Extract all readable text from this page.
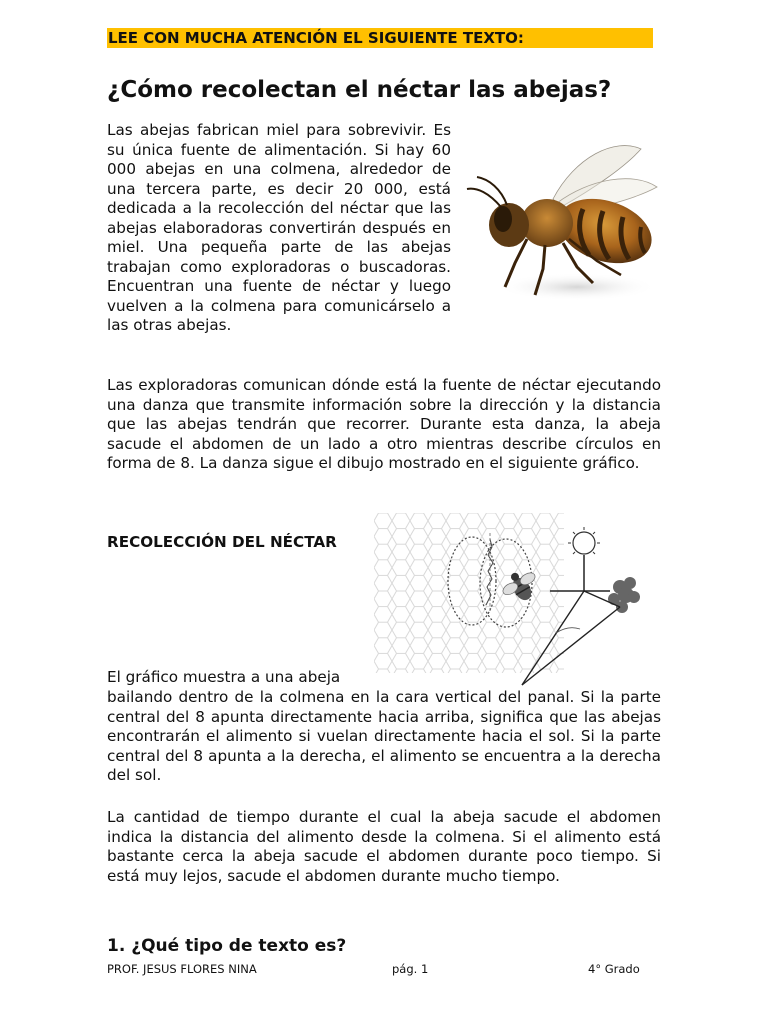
LEE CON MUCHA ATENCIÓN EL SIGUIENTE TEXTO:
¿Cómo recolectan el néctar las abejas?

Las abejas fabrican miel para sobrevivir. Es su única fuente de alimentación. Si hay 60 000 abejas en una colmena, alrededor de una tercera parte, es decir 20 000, está dedicada a la recolección del néctar que las abejas elaboradoras convertirán después en miel. Una pequeña parte de las abejas trabajan como exploradoras o buscadoras. Encuentran una fuente de néctar y luego vuelven a la colmena para comunicárselo a las otras abejas.

Las exploradoras comunican dónde está la fuente de néctar ejecutando una danza que transmite información sobre la dirección y la distancia que las abejas tendrán que recorrer. Durante esta danza, la abeja sacude el abdomen de un lado a otro mientras describe círculos en forma de 8. La danza sigue el dibujo mostrado en el siguiente gráfico.

RECOLECCIÓN DEL NÉCTAR

El gráfico muestra a una abeja

bailando dentro de la colmena en la cara vertical del panal. Si la parte central del 8 apunta directamente hacia arriba, significa que las abejas encontrarán el alimento si vuelan directamente hacia el sol. Si la parte central del 8 apunta a la derecha, el alimento se encuentra a la derecha del sol.

La cantidad de tiempo durante el cual la abeja sacude el abdomen indica la distancia del alimento desde la colmena. Si el alimento está bastante cerca la abeja sacude el abdomen durante poco tiempo. Si está muy lejos, sacude el abdomen durante mucho tiempo.

1. ¿Qué tipo de texto es?

PROF. JESUS FLORES NINA	pág. 1	4° Grado
